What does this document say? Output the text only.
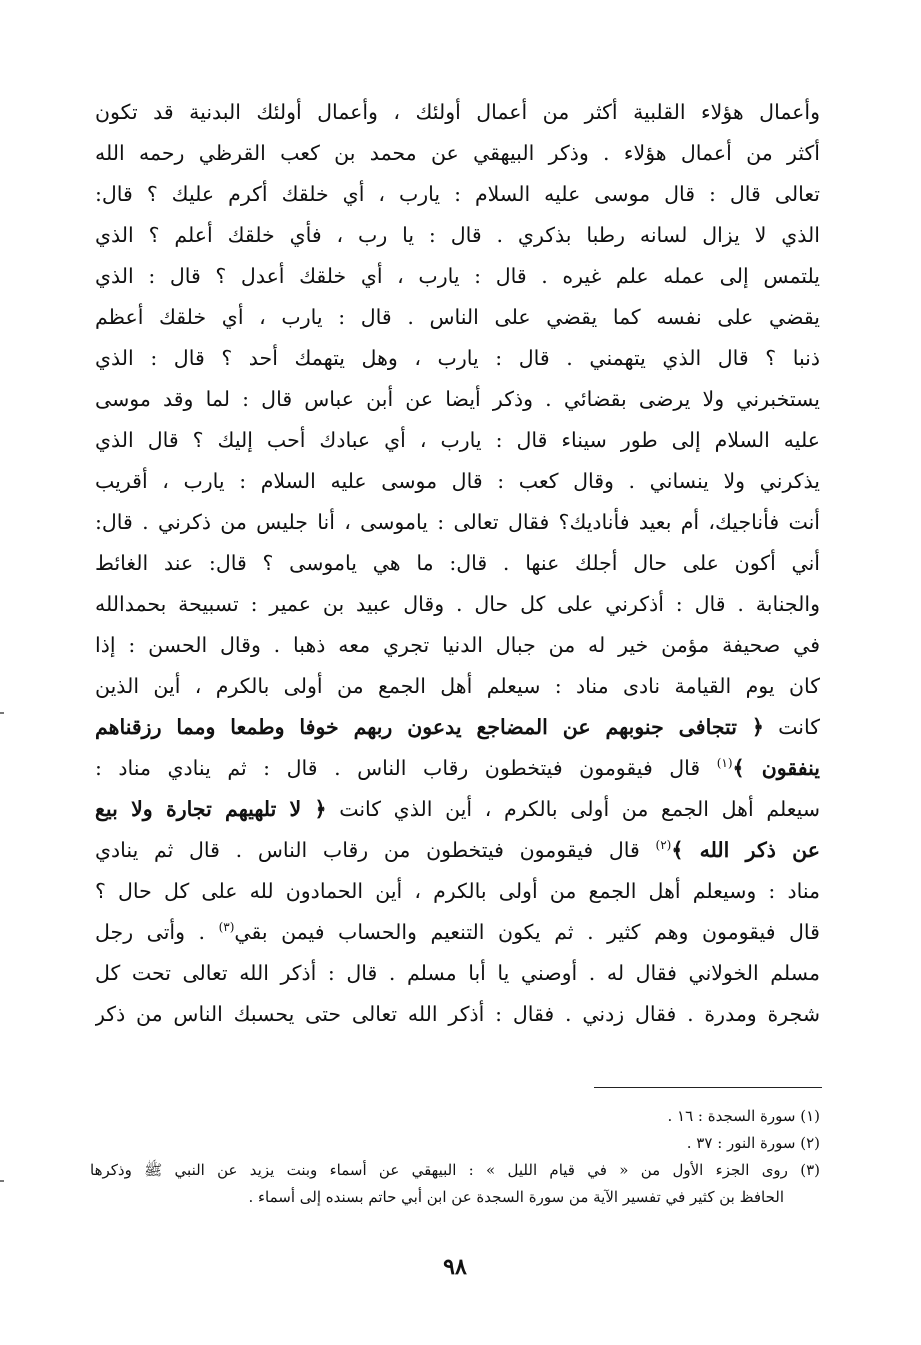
وأعمال هؤلاء القلبية أكثر من أعمال أولئك ، وأعمال أولئك البدنية قد تكون
أكثر من أعمال هؤلاء . وذكر البيهقي عن محمد بن كعب القرظي رحمه الله
تعالى قال : قال موسى عليه السلام : يارب ، أي خلقك أكرم عليك ؟ قال:
الذي لا يزال لسانه رطبا بذكري . قال : يا رب ، فأي خلقك أعلم ؟ الذي
يلتمس إلى عمله علم غيره . قال : يارب ، أي خلقك أعدل ؟ قال : الذي
يقضي على نفسه كما يقضي على الناس . قال : يارب ، أي خلقك أعظم
ذنبا ؟ قال الذي يتهمني . قال : يارب ، وهل يتهمك أحد ؟ قال : الذي
يستخبرني ولا يرضى بقضائي . وذكر أيضا عن أبن عباس قال : لما وقد موسى
عليه السلام إلى طور سيناء قال : يارب ، أي عبادك أحب إليك ؟ قال الذي
يذكرني ولا ينساني . وقال كعب : قال موسى عليه السلام : يارب ، أقريب
أنت فأناجيك، أم بعيد فأناديك؟ فقال تعالى : ياموسى ، أنا جليس من ذكرني . قال:
أني أكون على حال أجلك عنها . قال: ما هي ياموسى ؟ قال: عند الغائط
والجنابة . قال : أذكرني على كل حال . وقال عبيد بن عمير : تسبيحة بحمدالله
في صحيفة مؤمن خير له من جبال الدنيا تجري معه ذهبا . وقال الحسن : إذا
كان يوم القيامة نادى مناد : سيعلم أهل الجمع من أولى بالكرم ، أين الذين
كانت ﴿ تتجافى جنوبهم عن المضاجع يدعون ربهم خوفا وطمعا ومما رزقناهم
ينفقون ﴾$^{(١)}$ قال فيقومون فيتخطون رقاب الناس . قال : ثم ينادي مناد :
سيعلم أهل الجمع من أولى بالكرم ، أين الذي كانت ﴿ لا تلهيهم تجارة ولا بيع
عن ذكر الله ﴾$^{(٢)}$ قال فيقومون فيتخطون من رقاب الناس . قال ثم ينادي
مناد : وسيعلم أهل الجمع من أولى بالكرم ، أين الحمادون لله على كل حال ؟
قال فيقومون وهم كثير . ثم يكون التنعيم والحساب فيمن بقي$^{(٣)}$ . وأتى رجل
مسلم الخولاني فقال له . أوصني يا أبا مسلم . قال : أذكر الله تعالى تحت كل
شجرة ومدرة . فقال زدني . فقال : أذكر الله تعالى حتى يحسبك الناس من ذكر
(١) سورة السجدة : ١٦ .
(٢) سورة النور : ٣٧ .
(٣) روى الجزء الأول من « في قيام الليل » : البيهقي عن أسماء وبنت يزيد عن النبي ﷺ وذكرها
الحافظ بن كثير في تفسير الآية من سورة السجدة عن ابن أبي حاتم بسنده إلى أسماء .
٩٨
